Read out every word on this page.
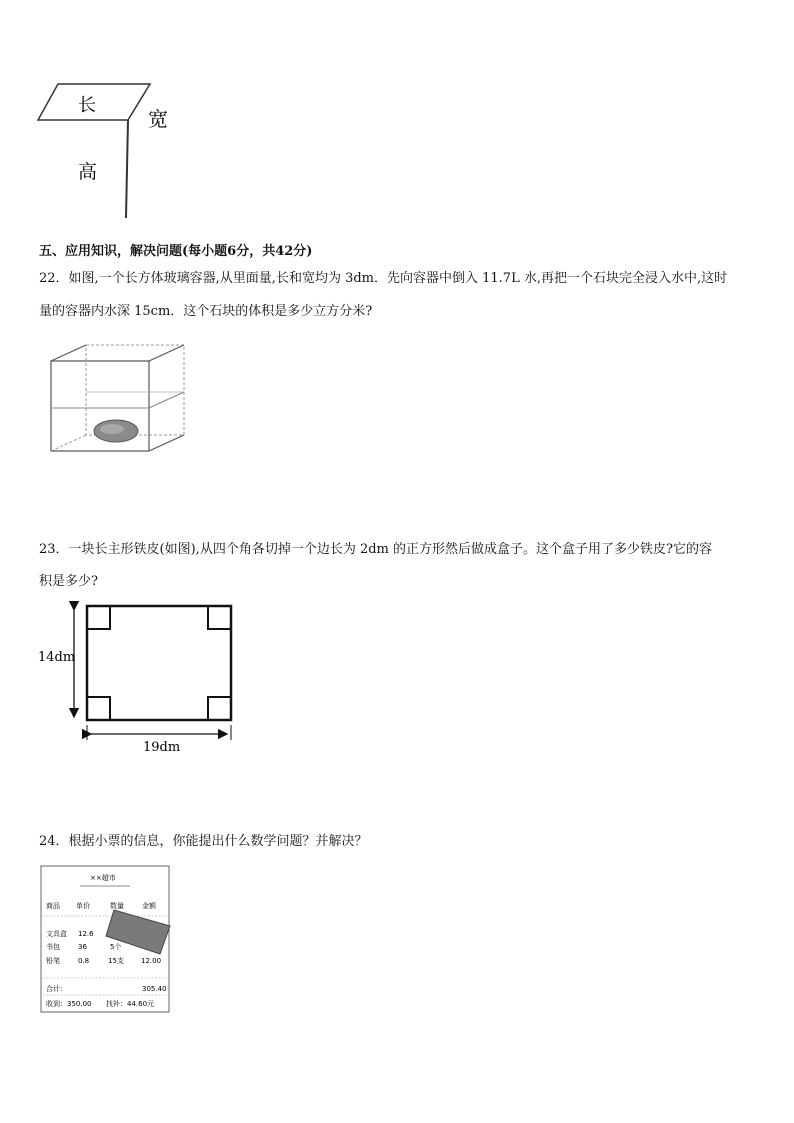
长
宽
高
五、应用知识，解决问题(每小题6分，共42分)
22．如图,一个长方体玻璃容器,从里面量,长和宽均为 3dm．先向容器中倒入 11.7L 水,再把一个石块完全浸入水中,这时
量的容器内水深 15cm．这个石块的体积是多少立方分米?
23．一块长主形铁皮(如图),从四个角各切掉一个边长为 2dm 的正方形然后做成盒子。这个盒子用了多少铁皮?它的容
积是多少?
14dm
19dm
24．根据小票的信息，你能提出什么数学问题？并解决？
××超市
商品 单价	数量	金额
文具盒 12.6
书包	36	5个
铅笔	0.8	15支 12.00
合计:	305.40
收到：350.00 找补：44.60元
